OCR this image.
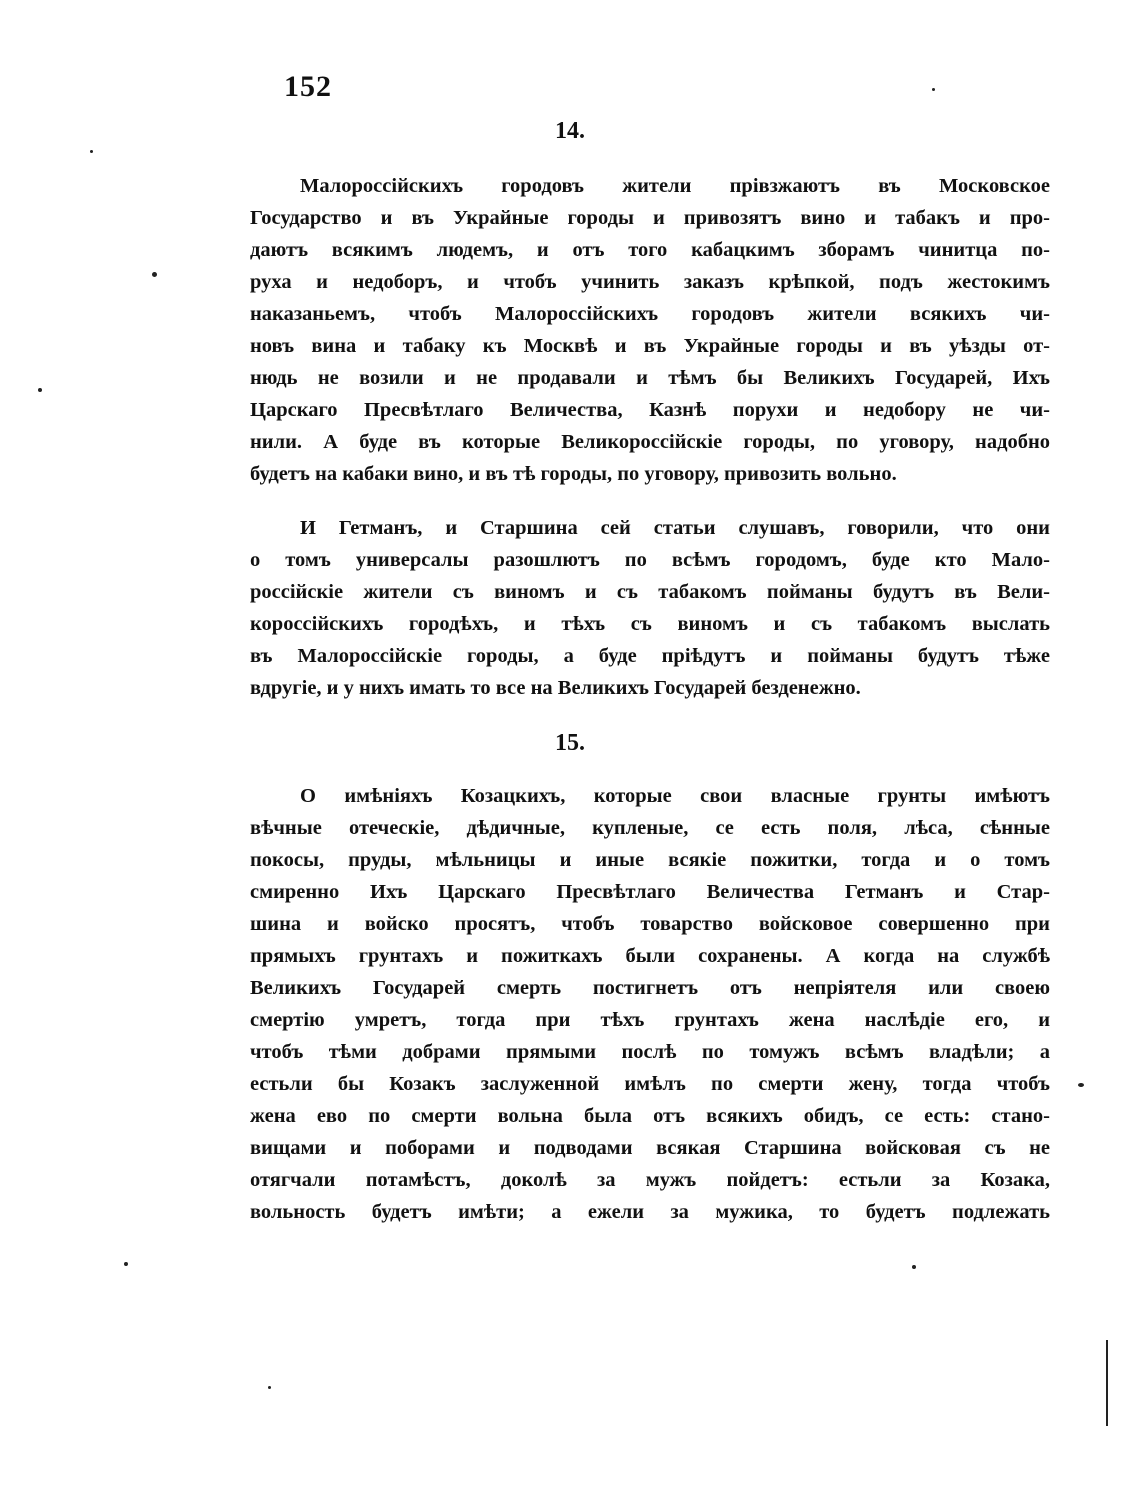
152
14.
Малороссійскихъ городовъ жители прівзжаютъ въ Московское
Государство и въ Украйные городы и привозятъ вино и табакъ и про-
даютъ всякимъ людемъ, и отъ того кабацкимъ зборамъ чинитца по-
руха и недоборъ, и чтобъ учинить заказъ крѣпкой, подъ жестокимъ
наказаньемъ, чтобъ Малороссійскихъ городовъ жители всякихъ чи-
новъ вина и табаку къ Москвѣ и въ Украйные городы и въ уѣзды от-
нюдь не возили и не продавали и тѣмъ бы Великихъ Государей, Ихъ
Царскаго Пресвѣтлаго Величества, Казнѣ порухи и недобору не чи-
нили. А буде въ которые Великороссійскіе городы, по уговору, надобно
будетъ на кабаки вино, и въ тѣ городы, по уговору, привозить вольно.
И Гетманъ, и Старшина сей статьи слушавъ, говорили, что они
о томъ универсалы разошлютъ по всѣмъ городомъ, буде кто Мало-
россійскіе жители съ виномъ и съ табакомъ пойманы будутъ въ Вели-
короссійскихъ городѣхъ, и тѣхъ съ виномъ и съ табакомъ выслать
въ Малороссійскіе городы, а буде пріѣдутъ и пойманы будутъ тѣже
вдругіе, и у нихъ имать то все на Великихъ Государей безденежно.
15.
О имѣніяхъ Козацкихъ, которые свои власные грунты имѣютъ
вѣчные отеческіе, дѣдичные, купленые, се есть поля, лѣса, сѣнные
покосы, пруды, мѣльницы и иные всякіе пожитки, тогда и о томъ
смиренно Ихъ Царскаго Пресвѣтлаго Величества Гетманъ и Стар-
шина и войско просятъ, чтобъ товарство войсковое совершенно при
прямыхъ грунтахъ и пожиткахъ были сохранены. А когда на службѣ
Великихъ Государей смерть постигнетъ отъ непріятеля или своею
смертію умретъ, тогда при тѣхъ грунтахъ жена наслѣдіе его, и
чтобъ тѣми добрами прямыми послѣ по томужъ всѣмъ владѣли; а
естьли бы Козакъ заслуженной имѣлъ по смерти жену, тогда чтобъ
жена ево по смерти вольна была отъ всякихъ обидъ, се есть: стано-
вищами и поборами и подводами всякая Старшина войсковая съ не
отягчали потамѣстъ, доколѣ за мужъ пойдетъ: естьли за Козака,
вольность будетъ имѣти; а ежели за мужика, то будетъ подлежать
